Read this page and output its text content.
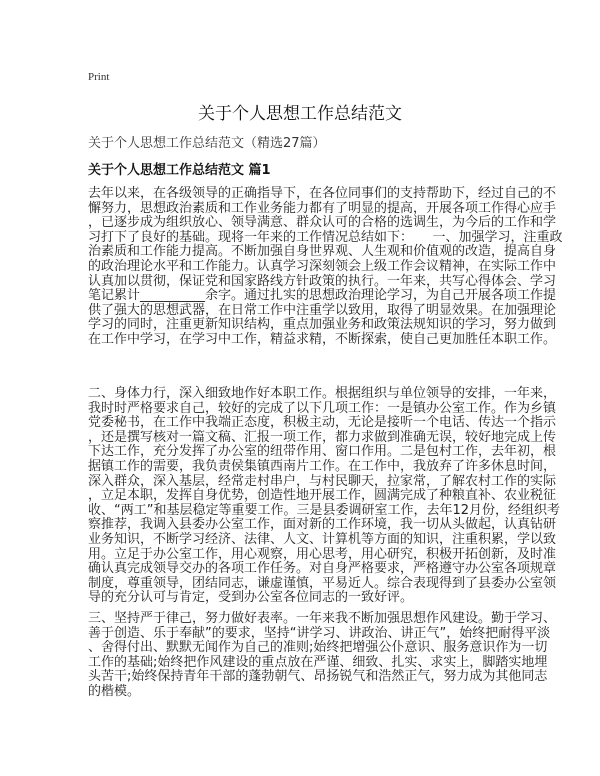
Print
关于个人思想工作总结范文
关于个人思想工作总结范文（精选27篇）
关于个人思想工作总结范文 篇1
去年以来，在各级领导的正确指导下，在各位同事们的支持帮助下，经过自己的不
懈努力，思想政治素质和工作业务能力都有了明显的提高，开展各项工作得心应手
，已逐步成为组织放心、领导满意、群众认可的合格的选调生，为今后的工作和学
习打下了良好的基础。现将一年来的工作情况总结如下：　　一、加强学习，注重政
治素质和工作能力提高。不断加强自身世界观、人生观和价值观的改造，提高自身
的政治理论水平和工作能力。认真学习深刻领会上级工作会议精神，在实际工作中
认真加以贯彻，保证党和国家路线方针政策的执行。一年来，共写心得体会、学习
笔记累计__________余字。通过扎实的思想政治理论学习，为自己开展各项工作提
供了强大的思想武器，在日常工作中注重学以致用，取得了明显效果。在加强理论
学习的同时，注重更新知识结构，重点加强业务和政策法规知识的学习，努力做到
在工作中学习，在学习中工作，精益求精，不断探索，使自己更加胜任本职工作。
二、身体力行，深入细致地作好本职工作。根据组织与单位领导的安排，一年来，
我时时严格要求自己，较好的完成了以下几项工作：一是镇办公室工作。作为乡镇
党委秘书，在工作中我端正态度，积极主动，无论是接听一个电话、传达一个指示
，还是撰写核对一篇文稿、汇报一项工作，都力求做到准确无误，较好地完成上传
下达工作，充分发挥了办公室的纽带作用、窗口作用。二是包村工作，去年初，根
据镇工作的需要，我负责侯集镇西南片工作。在工作中，我放弃了许多休息时间，
深入群众，深入基层，经常走村串户，与村民聊天，拉家常，了解农村工作的实际
，立足本职，发挥自身优势，创造性地开展工作，圆满完成了种粮直补、农业税征
收、“两工”和基层稳定等重要工作。三是县委调研室工作，去年12月份，经组织考
察推荐，我调入县委办公室工作，面对新的工作环境，我一切从头做起，认真钻研
业务知识，不断学习经济、法律、人文、计算机等方面的知识，注重积累，学以致
用。立足于办公室工作，用心观察，用心思考，用心研究，积极开拓创新，及时准
确认真完成领导交办的各项工作任务。对自身严格要求，严格遵守办公室各项规章
制度，尊重领导，团结同志，谦虚谨慎，平易近人。综合表现得到了县委办公室领
导的充分认可与肯定，受到办公室各位同志的一致好评。
三、坚持严于律己，努力做好表率。一年来我不断加强思想作风建设。勤于学习、
善于创造、乐于奉献”的要求，坚持“讲学习、讲政治、讲正气”，始终把耐得平淡
、舍得付出、默默无闻作为自己的准则;始终把增强公仆意识、服务意识作为一切
工作的基础;始终把作风建设的重点放在严谨、细致、扎实、求实上，脚踏实地埋
头苦干;始终保持青年干部的蓬勃朝气、昂扬锐气和浩然正气，努力成为其他同志
的楷模。
